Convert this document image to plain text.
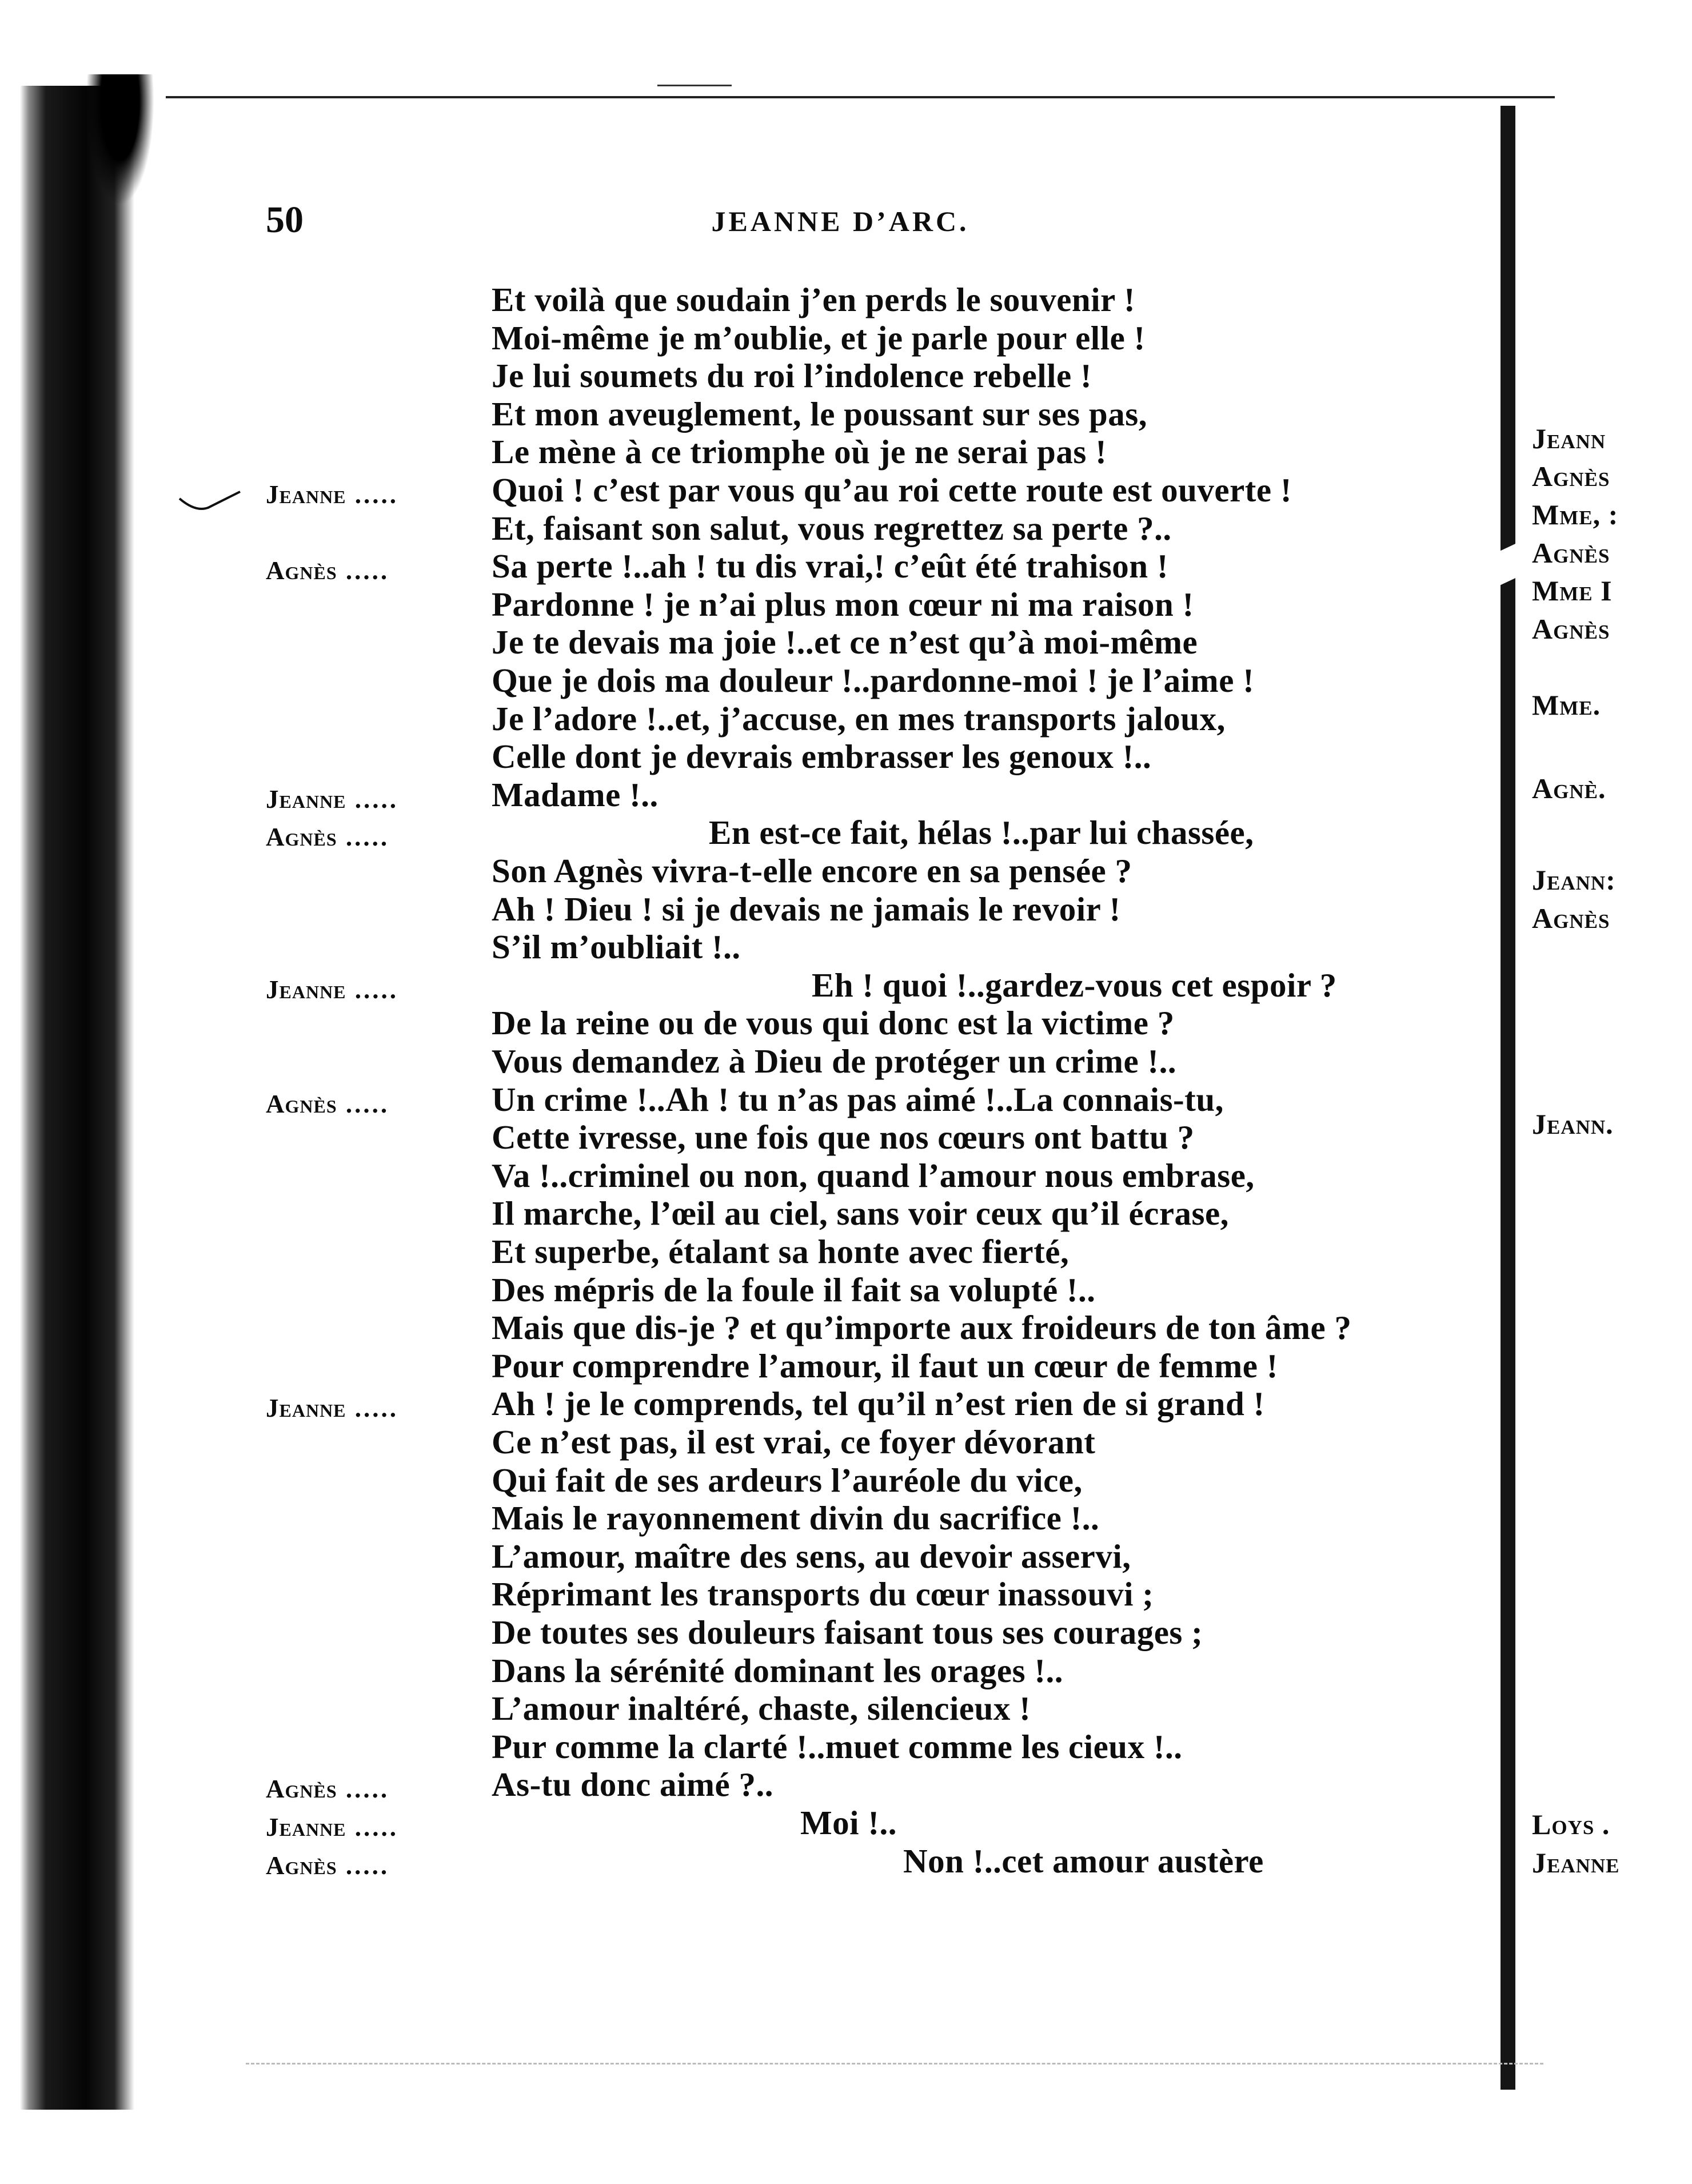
50	JEANNE D’ARC.
Et voilà que soudain j’en perds le souvenir !
Moi-même je m’oublie, et je parle pour elle !
Je lui soumets du roi l’indolence rebelle !
Et mon aveuglement, le poussant sur ses pas,
Le mène à ce triomphe où je ne serai pas !
Jeanne .....	Quoi ! c’est par vous qu’au roi cette route est ouverte !
Et, faisant son salut, vous regrettez sa perte ?..
Agnès .....	Sa perte !..ah ! tu dis vrai,! c’eût été trahison !
Pardonne ! je n’ai plus mon cœur ni ma raison !
Je te devais ma joie !..et ce n’est qu’à moi-même
Que je dois ma douleur !..pardonne-moi ! je l’aime !
Je l’adore !..et, j’accuse, en mes transports jaloux,
Celle dont je devrais embrasser les genoux !..
Jeanne .....	Madame !..
Agnès .....	En est-ce fait, hélas !..par lui chassée,
Son Agnès vivra-t-elle encore en sa pensée ?
Ah ! Dieu ! si je devais ne jamais le revoir !
S’il m’oubliait !..
Jeanne .....	Eh ! quoi !..gardez-vous cet espoir ?
De la reine ou de vous qui donc est la victime ?
Vous demandez à Dieu de protéger un crime !..
Agnès .....	Un crime !..Ah ! tu n’as pas aimé !..La connais-tu,
Cette ivresse, une fois que nos cœurs ont battu ?
Va !..criminel ou non, quand l’amour nous embrase,
Il marche, l’œil au ciel, sans voir ceux qu’il écrase,
Et superbe, étalant sa honte avec fierté,
Des mépris de la foule il fait sa volupté !..
Mais que dis-je ? et qu’importe aux froideurs de ton âme ?
Pour comprendre l’amour, il faut un cœur de femme !
Jeanne .....	Ah ! je le comprends, tel qu’il n’est rien de si grand !
Ce n’est pas, il est vrai, ce foyer dévorant
Qui fait de ses ardeurs l’auréole du vice,
Mais le rayonnement divin du sacrifice !..
L’amour, maître des sens, au devoir asservi,
Réprimant les transports du cœur inassouvi ;
De toutes ses douleurs faisant tous ses courages ;
Dans la sérénité dominant les orages !..
L’amour inaltéré, chaste, silencieux !
Pur comme la clarté !..muet comme les cieux !..
Agnès .....	As-tu donc aimé ?..
Jeanne .....	Moi !..
Agnès .....	Non !..cet amour austère
Jeann
Agnès
Mme, :
Agnès
Mme I
Agnès
Mme.
Agnè.
Jeann:
Agnès
Jeann.
Loys .
Jeanne
